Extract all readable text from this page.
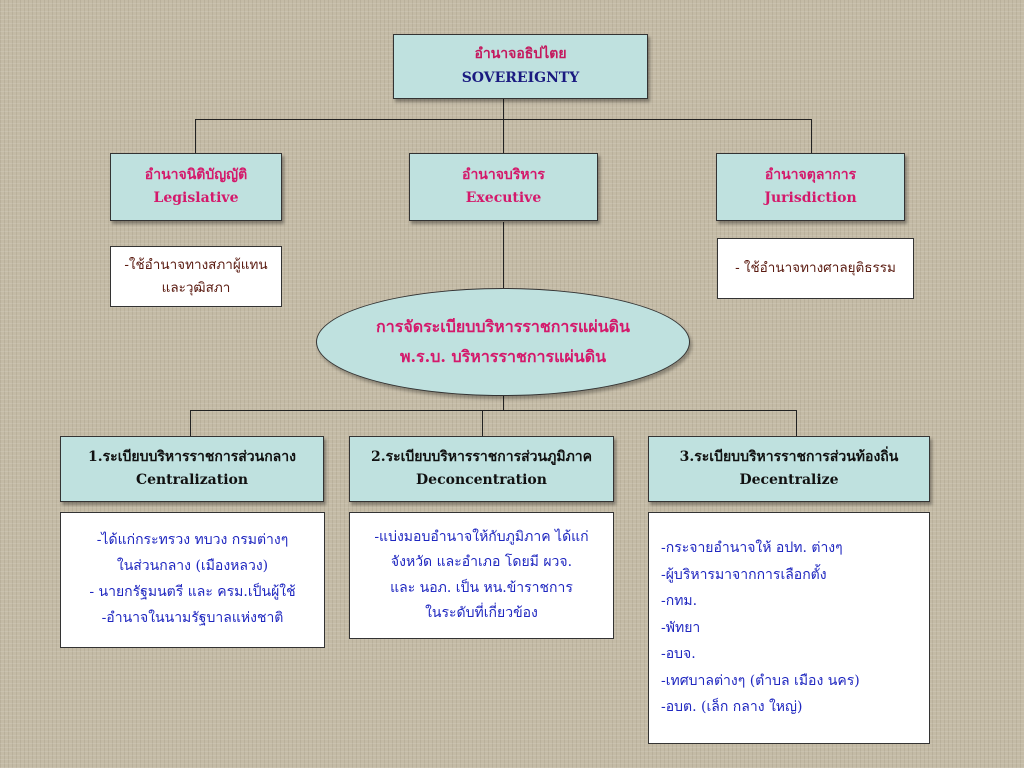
อำนาจอธิปไตย
SOVEREIGNTY
อำนาจนิติบัญญัติ
Legislative
อำนาจบริหาร
Executive
อำนาจตุลาการ
Jurisdiction
-ใช้อำนาจทางสภาผู้แทน
และวุฒิสภา
- ใช้อำนาจทางศาลยุติธรรม
การจัดระเบียบบริหารราชการแผ่นดิน
พ.ร.บ. บริหารราชการแผ่นดิน
1.ระเบียบบริหารราชการส่วนกลาง
Centralization
2.ระเบียบบริหารราชการส่วนภูมิภาค
Deconcentration
3.ระเบียบบริหารราชการส่วนท้องถิ่น
Decentralize
-ได้แก่กระทรวง ทบวง กรมต่างๆ
ในส่วนกลาง (เมืองหลวง)
- นายกรัฐมนตรี และ ครม.เป็นผู้ใช้
-อำนาจในนามรัฐบาลแห่งชาติ
-แบ่งมอบอำนาจให้กับภูมิภาค ได้แก่
จังหวัด และอำเภอ โดยมี ผวจ.
และ นอภ. เป็น หน.ข้าราชการ
ในระดับที่เกี่ยวข้อง
-กระจายอำนาจให้ อปท. ต่างๆ
-ผู้บริหารมาจากการเลือกตั้ง
-กทม.
-พัทยา
-อบจ.
-เทศบาลต่างๆ (ตำบล เมือง นคร)
-อบต. (เล็ก กลาง ใหญ่)
